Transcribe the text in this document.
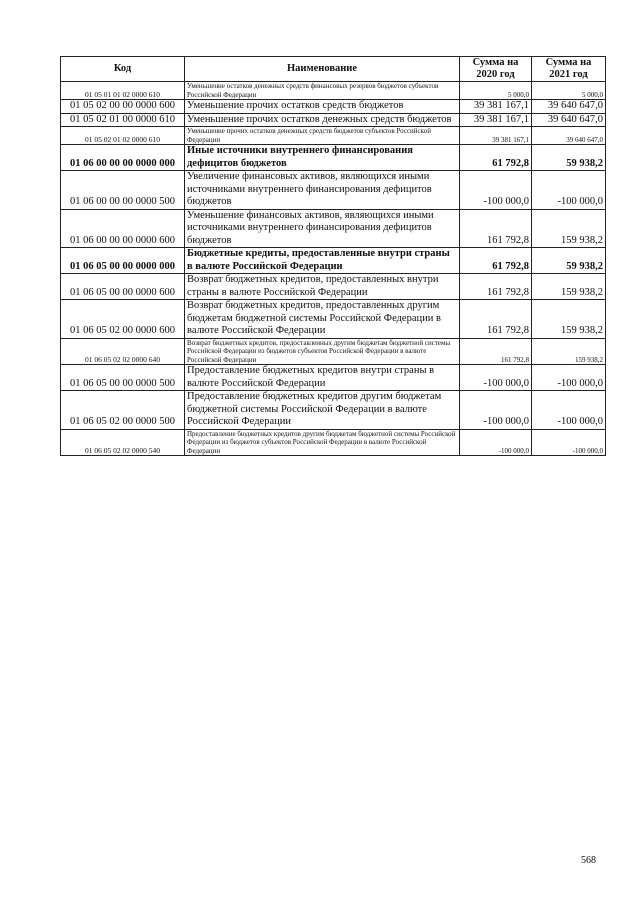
Код	Наименование	Сумма на 2020 год	Сумма на 2021 год
01 05 01 01 02 0000 610	Уменьшение остатков денежных средств финансовых резервов бюджетов субъектов Российской Федерации	5 000,0	5 000,0
01 05 02 00 00 0000 600	Уменьшение прочих остатков средств бюджетов	39 381 167,1	39 640 647,0
01 05 02 01 00 0000 610	Уменьшение прочих остатков денежных средств бюджетов	39 381 167,1	39 640 647,0
01 05 02 01 02 0000 610	Уменьшение прочих остатков денежных средств бюджетов субъектов Российской Федерации	39 381 167,1	39 640 647,0
01 06 00 00 00 0000 000	Иные источники внутреннего финансирования дефицитов бюджетов	61 792,8	59 938,2
01 06 00 00 00 0000 500	Увеличение финансовых активов, являющихся иными источниками внутреннего финансирования дефицитов бюджетов	-100 000,0	-100 000,0
01 06 00 00 00 0000 600	Уменьшение финансовых активов, являющихся иными источниками внутреннего финансирования дефицитов бюджетов	161 792,8	159 938,2
01 06 05 00 00 0000 000	Бюджетные кредиты, предоставленные внутри страны в валюте Российской Федерации	61 792,8	59 938,2
01 06 05 00 00 0000 600	Возврат бюджетных кредитов, предоставленных внутри страны в валюте Российской Федерации	161 792,8	159 938,2
01 06 05 02 00 0000 600	Возврат бюджетных кредитов, предоставленных другим бюджетам бюджетной системы Российской Федерации в валюте Российской Федерации	161 792,8	159 938,2
01 06 05 02 02 0000 640	Возврат бюджетных кредитов, предоставленных другим бюджетам бюджетной системы Российской Федерации из бюджетов субъектов Российской Федерации в валюте Российской Федерации	161 792,8	159 938,2
01 06 05 00 00 0000 500	Предоставление бюджетных кредитов внутри страны в валюте Российской Федерации	-100 000,0	-100 000,0
01 06 05 02 00 0000 500	Предоставление бюджетных кредитов другим бюджетам бюджетной системы Российской Федерации в валюте Российской Федерации	-100 000,0	-100 000,0
01 06 05 02 02 0000 540	Предоставление бюджетных кредитов другим бюджетам бюджетной системы Российской Федерации из бюджетов субъектов Российской Федерации в валюте Российской Федерации	-100 000,0	-100 000,0
568
